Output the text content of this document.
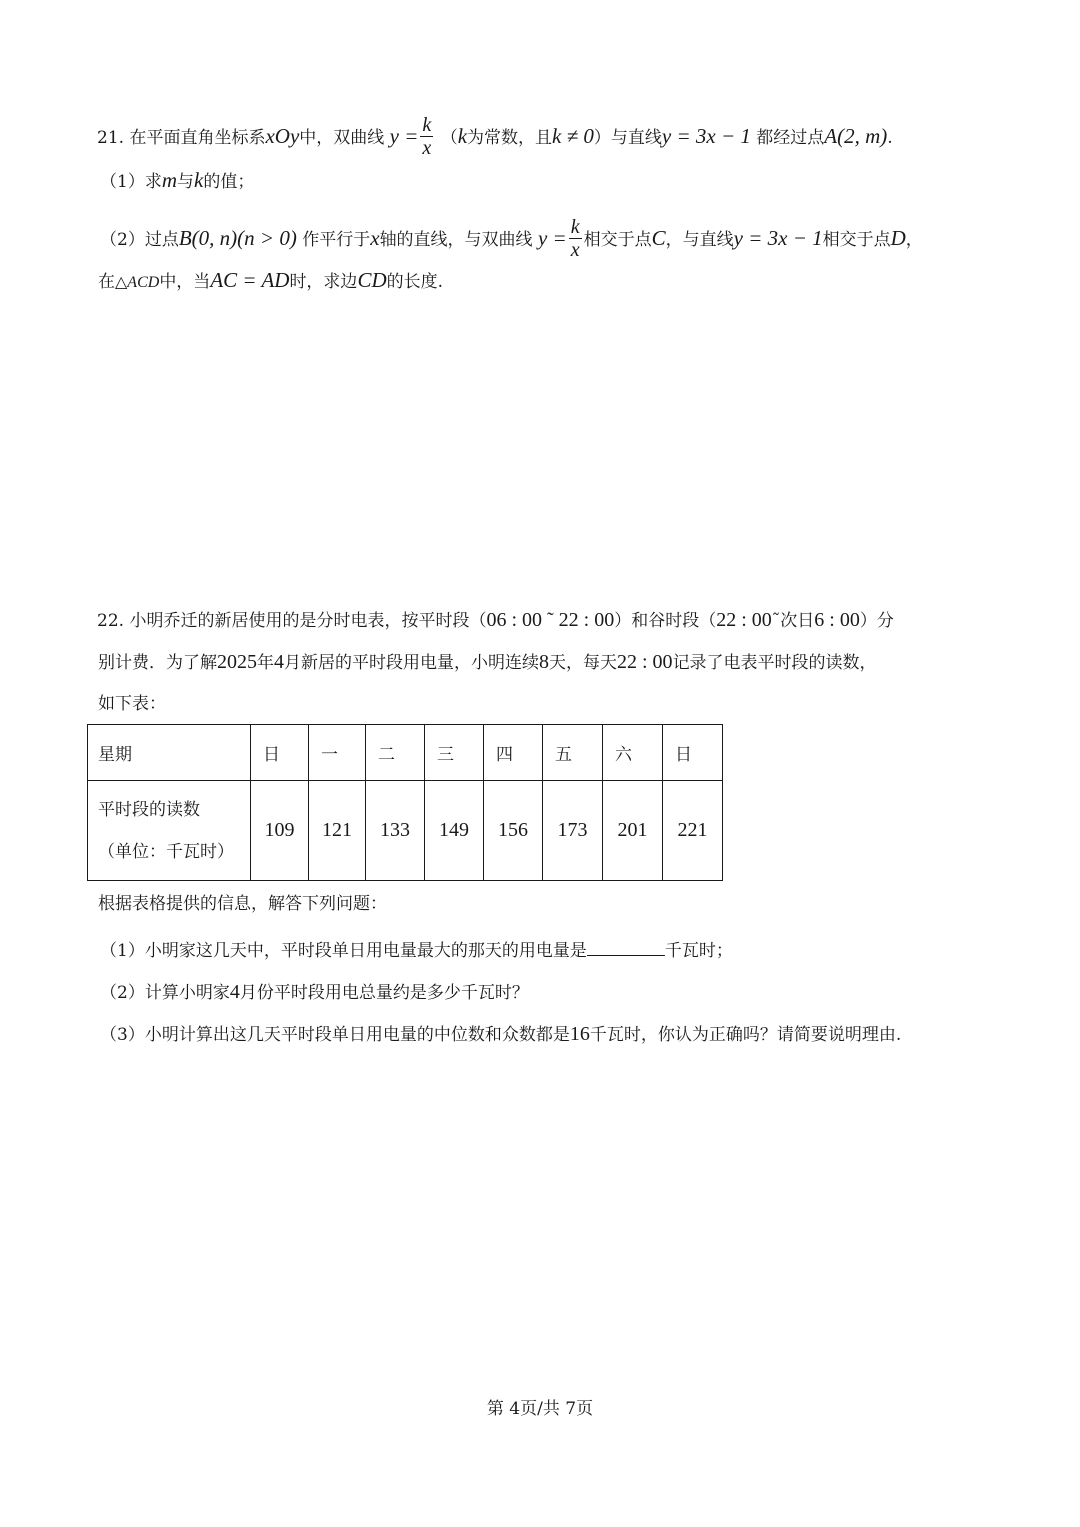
21. 在平面直角坐标系xOy中，双曲线 $y = \frac{k}{x} (k$为常数，且k ≠ 0）与直线y = 3x − 1 都经过点A(2, m).
（1）求m与k的值；
（2）过点B(0, n)(n > 0) 作平行于x轴的直线，与双曲线 $y = \frac{k}{x}$ 相交于点C，与直线y = 3x − 1相交于点D，
在△ACD中，当AC = AD时，求边CD的长度.
22. 小明乔迁的新居使用的是分时电表，按平时段（06 : 00 ˜ 22 : 00）和谷时段（22 : 00˜次日6 : 00）分
别计费．为了解2025年4月新居的平时段用电量，小明连续8天，每天22 : 00记录了电表平时段的读数，
如下表：
星期	日	一	二	三	四	五	六	日

平时段的读数
（单位：千瓦时）	109	121	133	149	156	173	201	221
根据表格提供的信息，解答下列问题：
（1）小明家这几天中，平时段单日用电量最大的那天的用电量是	千瓦时；
（2）计算小明家4月份平时段用电总量约是多少千瓦时？
（3）小明计算出这几天平时段单日用电量的中位数和众数都是16千瓦时，你认为正确吗？请简要说明理由.
第 4页/共 7页
